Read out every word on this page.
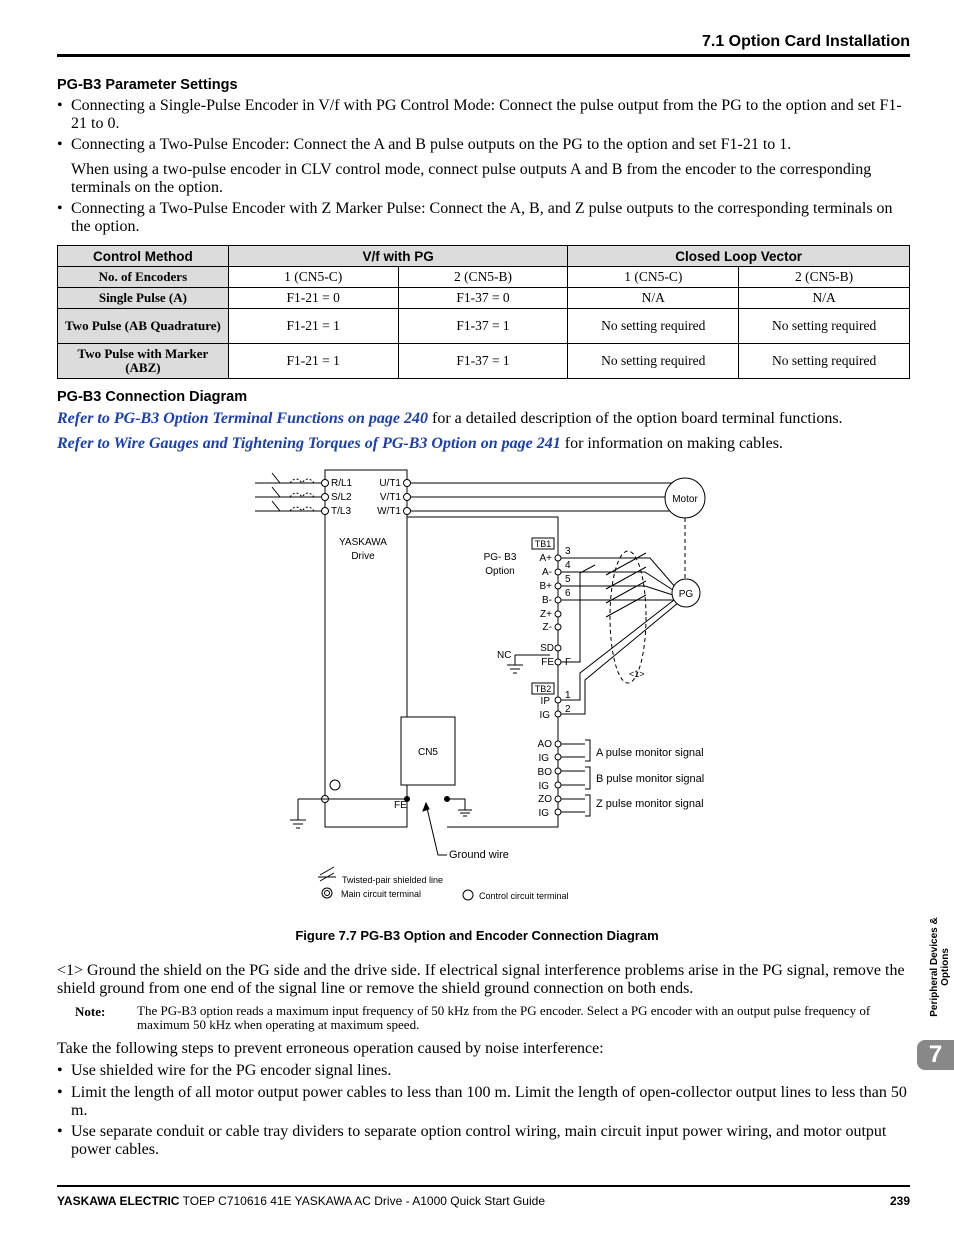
7.1 Option Card Installation
PG-B3 Parameter Settings
• Connecting a Single-Pulse Encoder in V/f with PG Control Mode: Connect the pulse output from the PG to the option and set F1-21 to 0.
• Connecting a Two-Pulse Encoder: Connect the A and B pulse outputs on the PG to the option and set F1-21 to 1.
When using a two-pulse encoder in CLV control mode, connect pulse outputs A and B from the encoder to the corresponding terminals on the option.
• Connecting a Two-Pulse Encoder with Z Marker Pulse: Connect the A, B, and Z pulse outputs to the corresponding terminals on the option.
Control Method	V/f with PG		Closed Loop Vector	
No. of Encoders	1 (CN5-C)	2 (CN5-B)	1 (CN5-C)	2 (CN5-B)
Single Pulse (A)	F1-21 = 0	F1-37 = 0	N/A	N/A
Two Pulse (AB Quadrature)	F1-21 = 1	F1-37 = 1	No setting required	No setting required
Two Pulse with Marker (ABZ)	F1-21 = 1	F1-37 = 1	No setting required	No setting required
PG-B3 Connection Diagram
Refer to PG-B3 Option Terminal Functions on page 240 for a detailed description of the option board terminal functions.
Refer to Wire Gauges and Tightening Torques of PG-B3 Option on page 241 for information on making cables.
R/L1
S/L2
T/L3
U/T1
V/T1
W/T1
YASKAWA
Drive
Motor
PG- B3
Option
TB1
A+
A-
B+
B-
Z+
Z-
SD
FE
3
4
5
6
F
NC
PG
<1>
TB2
IP
IG
1
2
AO
IG
BO
IG
ZO
IG
A pulse monitor signal
B pulse monitor signal
Z pulse monitor signal
CN5
FE
Ground wire
Twisted-pair shielded line
Main circuit terminal	Control circuit terminal
Figure 7.7 PG-B3 Option and Encoder Connection Diagram
<1> Ground the shield on the PG side and the drive side. If electrical signal interference problems arise in the PG signal, remove the shield ground from one end of the signal line or remove the shield ground connection on both ends.
Note: The PG-B3 option reads a maximum input frequency of 50 kHz from the PG encoder. Select a PG encoder with an output pulse frequency of maximum 50 kHz when operating at maximum speed.
Take the following steps to prevent erroneous operation caused by noise interference:
• Use shielded wire for the PG encoder signal lines.
• Limit the length of all motor output power cables to less than 100 m. Limit the length of open-collector output lines to less than 50 m.
• Use separate conduit or cable tray dividers to separate option control wiring, main circuit input power wiring, and motor output power cables.
Peripheral Devices & Options
7
YASKAWA ELECTRIC TOEP C710616 41E YASKAWA AC Drive - A1000 Quick Start Guide	239
